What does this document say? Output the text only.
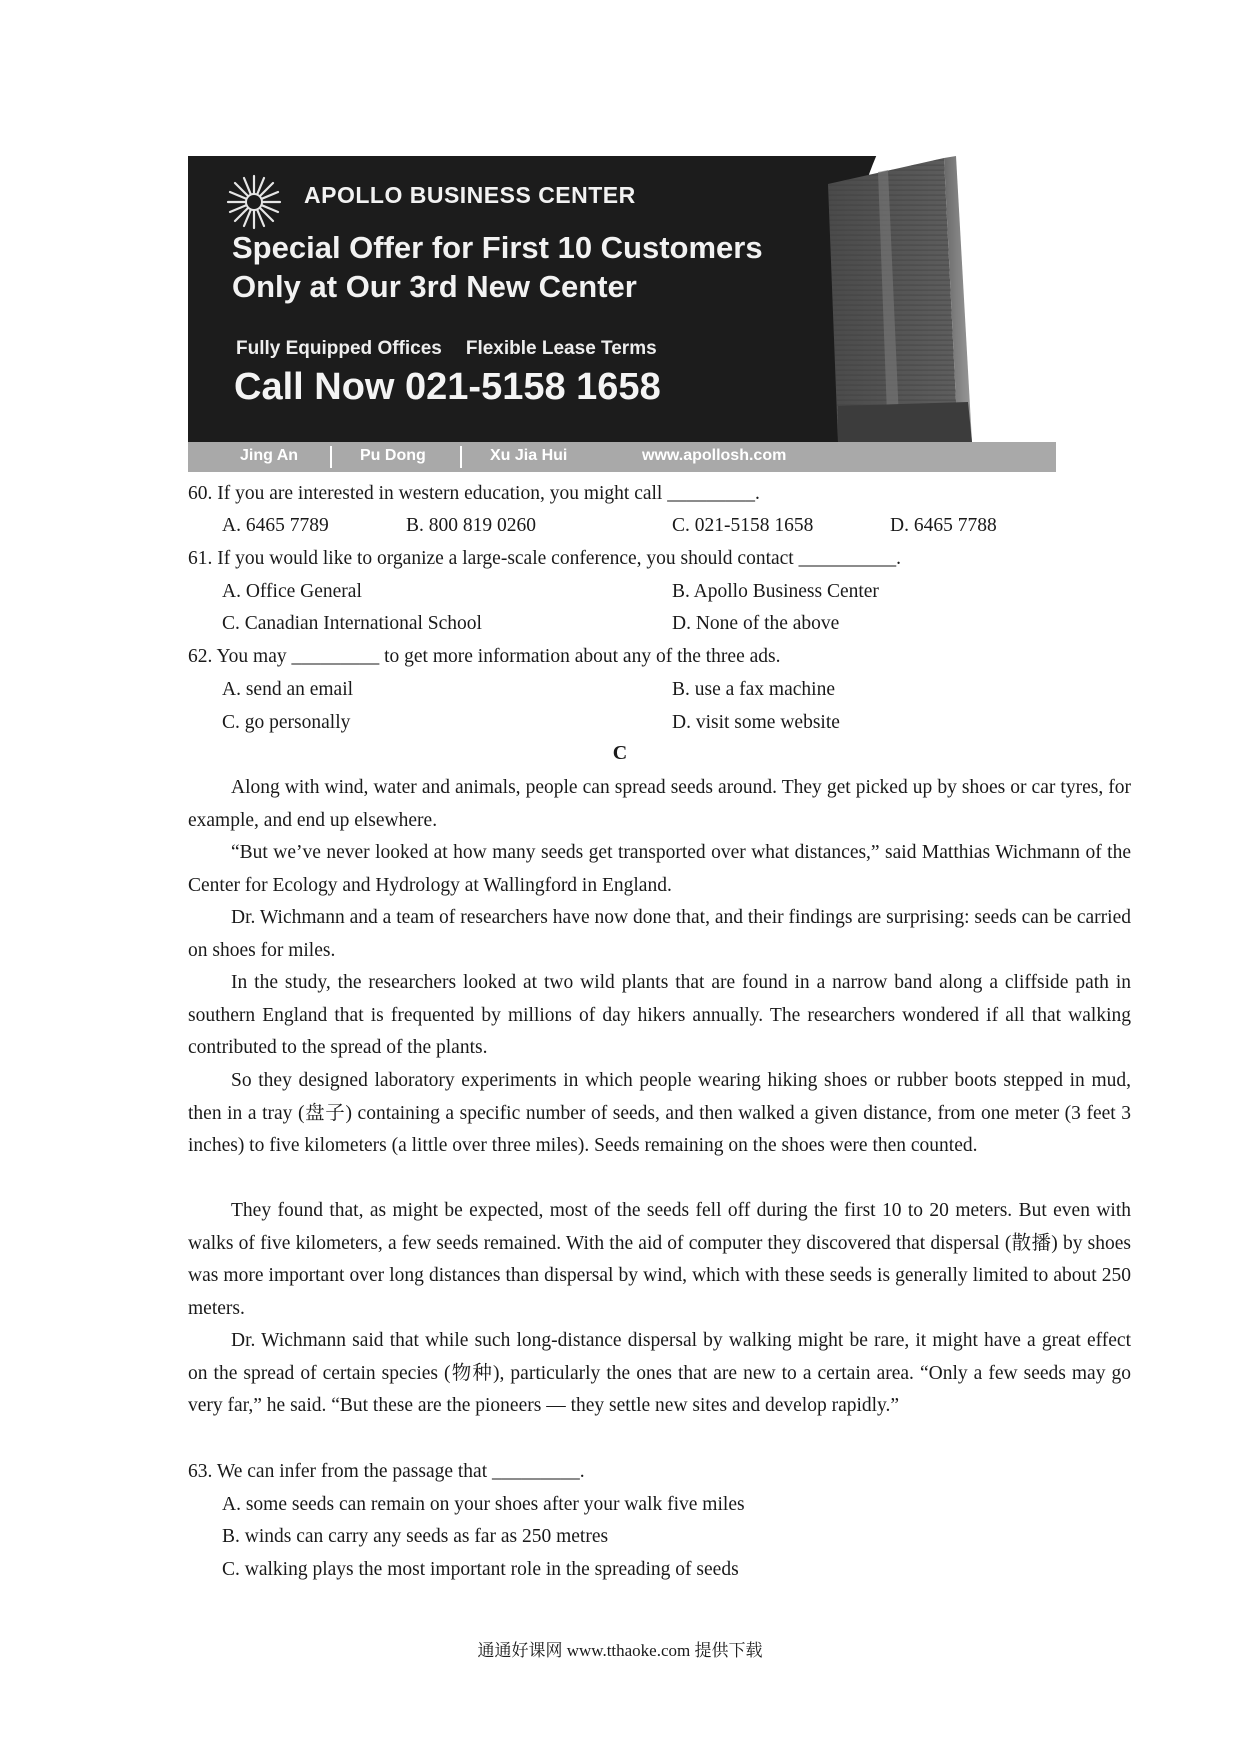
APOLLO BUSINESS CENTER
Special Offer for First 10 Customers
Only at Our 3rd New Center
Fully Equipped Offices Flexible Lease Terms
Call Now 021-5158 1658
Jing An	Pu Dong	Xu Jia Hui	www.apollosh.com
60. If you are interested in western education, you might call _________.
A. 6465 7789	B. 800 819 0260	C. 021-5158 1658	D. 6465 7788
61. If you would like to organize a large-scale conference, you should contact __________.
A. Office General	B. Apollo Business Center
C. Canadian International School	D. None of the above
62. You may _________ to get more information about any of the three ads.
A. send an email	B. use a fax machine
C. go personally	D. visit some website
C

Along with wind, water and animals, people can spread seeds around. They get picked up by shoes or car tyres, for example, and end up elsewhere.

“But we’ve never looked at how many seeds get transported over what distances,” said Matthias Wichmann of the Center for Ecology and Hydrology at Wallingford in England.

Dr. Wichmann and a team of researchers have now done that, and their findings are surprising: seeds can be carried on shoes for miles.

In the study, the researchers looked at two wild plants that are found in a narrow band along a cliffside path in southern England that is frequented by millions of day hikers annually. The researchers wondered if all that walking contributed to the spread of the plants.

So they designed laboratory experiments in which people wearing hiking shoes or rubber boots stepped in mud, then in a tray (盘子) containing a specific number of seeds, and then walked a given distance, from one meter (3 feet 3 inches) to five kilometers (a little over three miles). Seeds remaining on the shoes were then counted.

They found that, as might be expected, most of the seeds fell off during the first 10 to 20 meters. But even with walks of five kilometers, a few seeds remained. With the aid of computer they discovered that dispersal (散播) by shoes was more important over long distances than dispersal by wind, which with these seeds is generally limited to about 250 meters.

Dr. Wichmann said that while such long-distance dispersal by walking might be rare, it might have a great effect on the spread of certain species (物种), particularly the ones that are new to a certain area. “Only a few seeds may go very far,” he said. “But these are the pioneers — they settle new sites and develop rapidly.”

63. We can infer from the passage that _________.
A. some seeds can remain on your shoes after your walk five miles
B. winds can carry any seeds as far as 250 metres
C. walking plays the most important role in the spreading of seeds
通通好课网 www.tthaoke.com 提供下载
